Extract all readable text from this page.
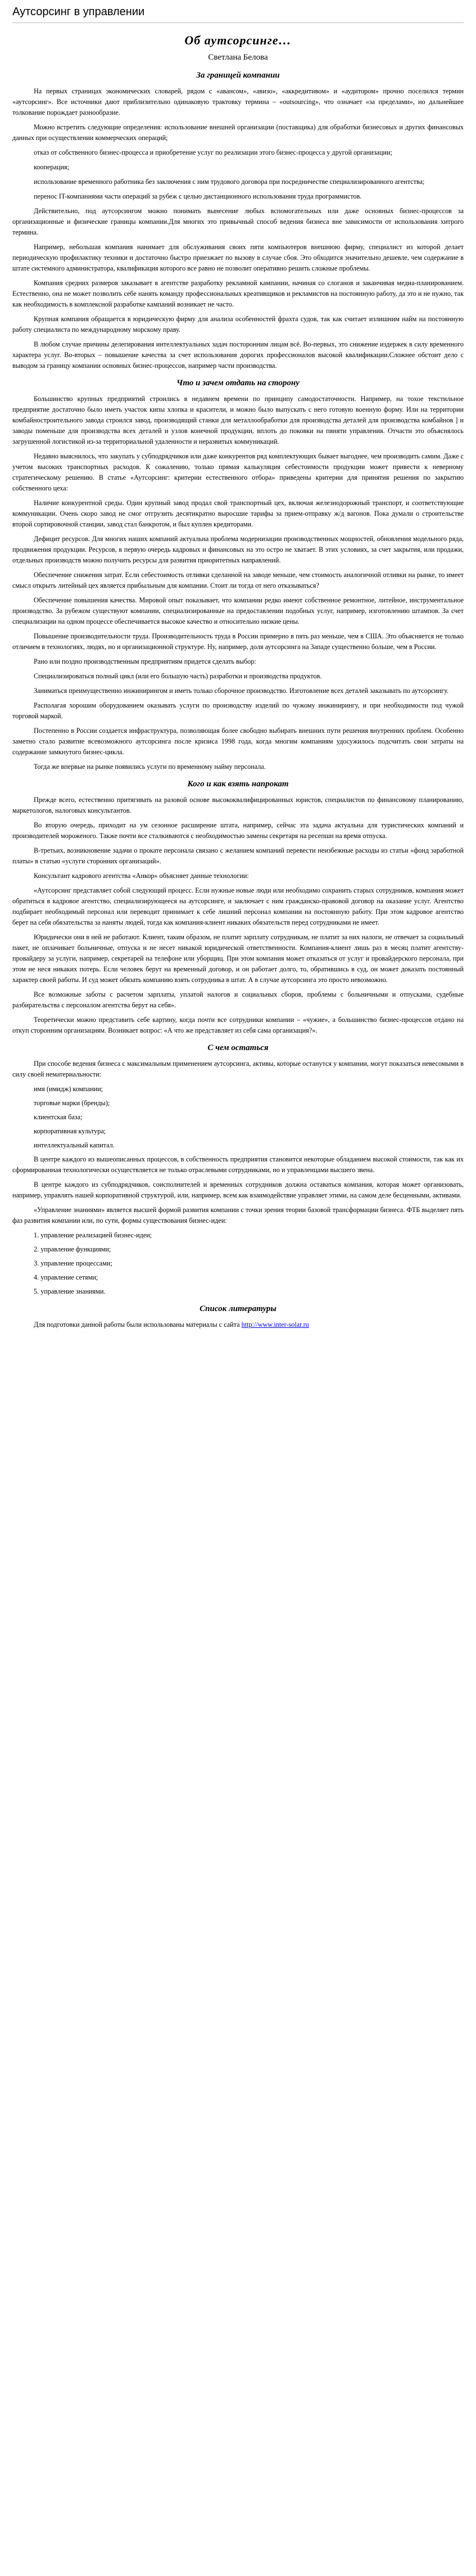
Аутсорсинг в управлении
Об аутсорсинге…
Светлана Белова
За границей компании

На первых страницах экономических словарей, рядом с «авансом», «авизо», «аккредитивом» и «аудитором» прочно поселился термин «аутсорсинг». Все источники дают приблизительно одинаковую трактовку термина – «outsourcing», что означает «за пределами», но дальнейшее толкование порождает разнообразие.

Можно встретить следующие определения: использование внешней организации (поставщика) для обработки бизнесовых и других финансовых данных при осуществлении коммерческих операций;

отказ от собственного бизнес-процесса и приобретение услуг по реализации этого бизнес-процесса у другой организации;

кооперация;

использование временного работника без заключения с ним трудового договора при посредничестве специализированного агентства;

перенос IT-компаниями части операций за рубеж с целью дистанционного использования труда программистов.

Действительно, под аутсорсингом можно понимать вынесение любых вспомогательных или даже основных бизнес-процессов за организационные и физические границы компании.Для многих это привычный способ ведения бизнеса вне зависимости от использования хитрого термина.

Например, небольшая компания нанимает для обслуживания своих пяти компьютеров внешнюю фирму, специалист из которой делает периодическую профилактику техники и достаточно быстро приезжает по вызову в случае сбоя. Это обходится значительно дешевле, чем содержание в штате системного администратора, квалификация которого все равно не позволит оперативно решить сложные проблемы.

Компания средних размеров заказывает в агентстве разработку рекламной кампании, начиная со слоганов и заканчивая медиа-планированием. Естественно, она не может позволить себе нанять команду профессиональных креативщиков и рекламистов на постоянную работу, да это и не нужно, так как необходимость в комплексной разработке кампаний возникает не часто.

Крупная компания обращается в юридическую фирму для анализа особенностей фрахта судов, так как считает излишним найм на постоянную работу специалиста по международному морскому праву.

В любом случае причины делегирования интеллектуальных задач посторонним лицам всё. Во-первых, это снижение издержек в силу временного характера услуг. Во-вторых – повышение качества за счет использования дорогих профессионалов высокой квалификации.Сложнее обстоит дело с выводом за границу компании основных бизнес-процессов, например части производства.

Что и зачем отдать на сторону

Большинство крупных предприятий строились в недавнем времени по принципу самодостаточности. Например, на тохое текстильное предприятие достаточно было иметь участок кипы хлопка и красители, и можно было выпускать с него готовую военную форму. Или на территории комбайностроительного завода строился завод, производящий станки для металлообработки для производства деталей для производства комбайнов ] и заводы поменьше для производства всех деталей и узлов конечной продукции, вплоть до поковки на пяняти управления. Отчасти это объяснялось загрушенной логистикой из-за территориальной удаленности и неразвитых коммуникаций.

Недавно выяснилось, что закупать у субподрядчиков или даже конкурентов ряд комплектующих бывает выгоднее, чем производить самим. Даже с учетом высоких транспортных расходов. К сожалению, только прямая калькуляция себестоимости продукции может привести к неверному стратегическому решению. В статье «Аутсорсинг: критерии естественного отбора» приведены критерии для принятия решения по закрытию собственного цеха:

Наличие конкурентной среды. Один крупный завод продал свой транспортный цех, включая железнодорожный транспорт, и соответствующие коммуникации. Очень скоро завод не смог отгрузить десятикратно выросшие тарифы за прием-отправку ж/д вагонов. Пока думали о строительстве второй сортировочной станции, завод стал банкротом, и был куплен кредиторами.

Дефицит ресурсов. Для многих наших компаний актуальна проблема модернизации производственных мощностей, обновления модельного ряда, продвижения продукции. Ресурсов, в первую очередь кадровых и финансовых на это остро не хватает. В этих условиях, за счет закрытия, или продажи, отдельных производств можно получить ресурсы для развития приоритетных направлений.

Обеспечение снижения затрат. Если себестоимость отливки сделанной на заводе меньше, чем стоимость аналогичной отливки на рынке, то имеет смысл открыть литейный цех является прибыльным для компании. Стоит ли тогда от него отказываться?

Обеспечение повышения качества. Мировой опыт показывает, что компании редко имеют собственное ремонтное, литейное, инструментальное производство. За рубежом существуют компании, специализированные на предоставлении подобных услуг, например, изготовлению штампов. За счет специализации на одном процессе обеспечивается высокое качество и относительно низкие цены.

Повышение производительности труда. Производительность труда в России примерно в пять раз меньше, чем в США. Это объясняется не только отличием в технологиях, людях, но и организационной структуре. Ну, например, доля аутсорсинга на Западе существенно больше, чем в России.

Рано или поздно производственным предприятиям придется сделать выбор:

Специализироваться полный цикл (или его большую часть) разработки и производства продуктов.

Заниматься преимущественно инжинирингом и иметь только сборочное производство. Изготовление всех деталей заказывать по аутсорсингу.

Располагая хорошим оборудованием оказывать услуги по производству изделий по чужому инжинирингу, и при необходимости под чужой торговой маркой.

Постепенно в России создается инфраструктура, позволяющая более свободно выбирать внешних пути решения внутренних проблем. Особенно заметно стало развитие всевозможного аутсорсинга после кризиса 1998 года, когда многим компаниям удосужилось подсчитать свои затраты на содержание замкнутого бизнес-цикла.

Тогда же впервые на рынке появились услуги по временному найму персонала.

Кого и как взять напрокат

Прежде всего, естественно притягивать на разовой основе высококвалифицированных юристов, специалистов по финансовому планированию, маркетологов, налоговых консультантов.

Во вторую очередь, приходит на ум сезонное расширение штата, например, сейчас эта задача актуальна для туристических компаний и производителей мороженого. Также почти все сталкиваются с необходимостью замены секретаря на ресепшн на время отпуска.

В-третьих, возникновение задачи о прокате персонала связано с желанием компаний перевести неизбежные расходы из статьи «фонд заработной платы» в статью «услуги сторонних организаций».

Консультант кадрового агентства «Анкор» объясняет данные технологии:

«Аутсорсинг представляет собой следующий процесс. Если нужные новые люди или необходимо сохранить старых сотрудников, компания может обратиться в кадровое агентство, специализирующееся на аутсорсинге, и заключает с ним гражданско-правовой договор на оказание услуг. Агентство подбирает необходимый персонал или переводит принимает к себе лишний персонал компании на постоянную работу. При этом кадровое агентство берет на себя обязательства за наняты людей, тогда как компания-клиент никаких обязательств перед сотрудниками не имеет.

Юридически они в ней не работают. Клиент, таким образом, не платит зарплату сотрудникам, не платит за них налоги, не отвечает за социальный пакет, не оплачивает больничные, отпуска и не несет никакой юридической ответственности. Компания-клиент лишь раз в месяц платит агентству-провайдеру за услуги, например, секретарей на телефоне или уборщиц. При этом компания может отказаться от услуг и провайдерского персонала, при этом не неся никаких потерь. Если человек берут на временный договор, и он работает долго, то, обратившись в суд, он может доказать постоянный характер своей работы. И суд может обязать компанию взять сотрудника в штат. А в случае аутсорсинга это просто невозможно.

Все возможные заботы с расчетом зарплаты, уплатой налогов и социальных сборов, проблемы с больничными и отпусками, судебные разбирательства с персоналом агентства берут на себя».

Теоретически можно представить себе картину, когда почти все сотрудники компании – «чужие», а большинство бизнес-процессов отдано на откуп сторонним организациям. Возникает вопрос: «А что же представляет из себя сама организация?».

С чем остаться

При способе ведения бизнеса с максимальным применением аутсорсинга, активы, которые останутся у компании, могут показаться невесомыми в силу своей нематериальности:

имя (имидж) компании;

торговые марки (бренды);

клиентская база;

корпоративная культура;

интеллектуальный капитал.

В центре каждого из вышеописанных процессов, в собственность предприятия становится некоторые обладанием высокой стоимости, так как их сформированная технологически осуществляется не только отраслевыми сотрудниками, но и управленцами высшего звена.

В центре каждого из субподрядчиков, соисполнителей и временных сотрудников должна оставаться компания, которая может организовать, например, управлять нашей корпоративной структурой, или, например, всем как взаимодействие управляет этими, на самом деле бесценными, активами.

«Управление знаниями» является высшей формой развития компании с точки зрения теории базовой трансформации бизнеса. ФТБ выделяет пять фаз развития компании или, по сути, формы существования бизнес-идеи:

1. управление реализацией бизнес-идеи;

2. управление функциями;

3. управление процессами;

4. управление сетями;

5. управление знаниями.

Список литературы

Для подготовки данной работы были использованы материалы с сайта http://www.inter-solar.ru
